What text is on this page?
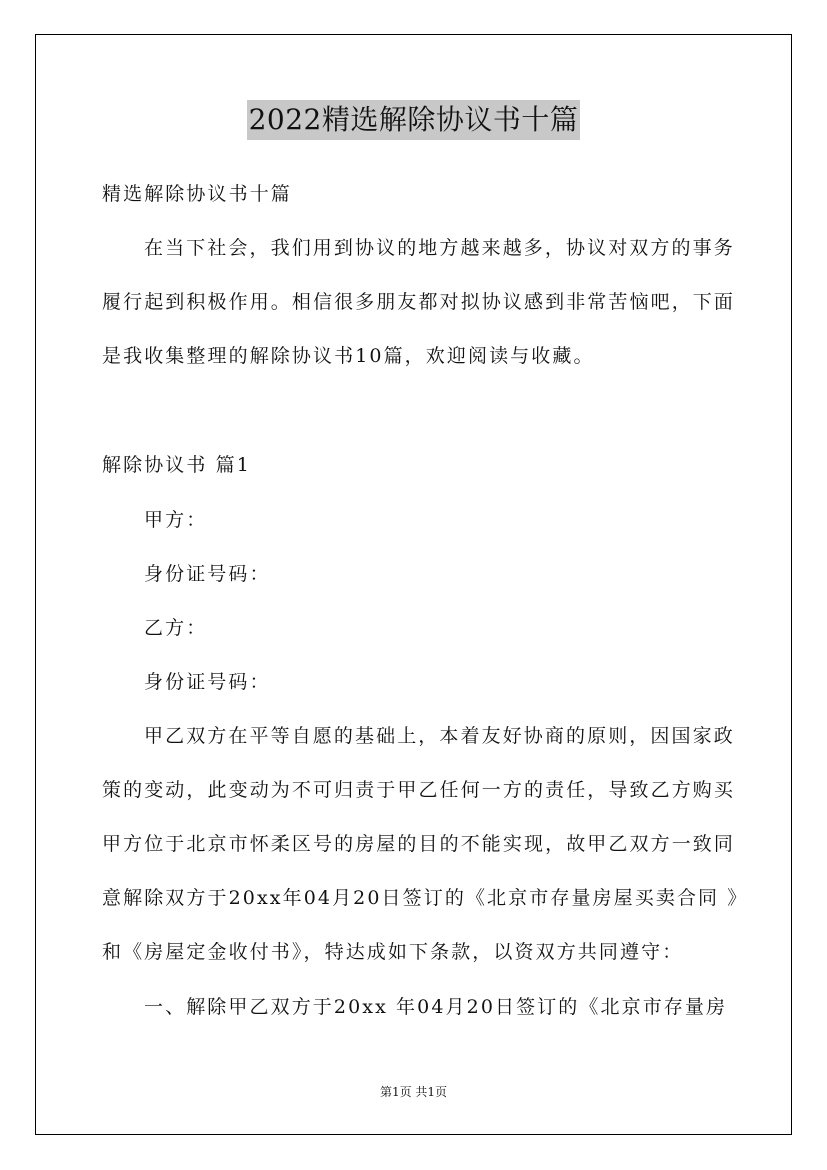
2022精选解除协议书十篇
精选解除协议书十篇
在当下社会，我们用到协议的地方越来越多，协议对双方的事务
履行起到积极作用。相信很多朋友都对拟协议感到非常苦恼吧，下面
是我收集整理的解除协议书10篇，欢迎阅读与收藏。
解除协议书 篇1
甲方：
身份证号码：
乙方：
身份证号码：
甲乙双方在平等自愿的基础上，本着友好协商的原则，因国家政
策的变动，此变动为不可归责于甲乙任何一方的责任，导致乙方购买
甲方位于北京市怀柔区号的房屋的目的不能实现，故甲乙双方一致同
意解除双方于20xx年04月20日签订的《北京市存量房屋买卖合同 》
和《房屋定金收付书》，特达成如下条款，以资双方共同遵守：
一、解除甲乙双方于20xx 年04月20日签订的《北京市存量房
第1页 共1页
